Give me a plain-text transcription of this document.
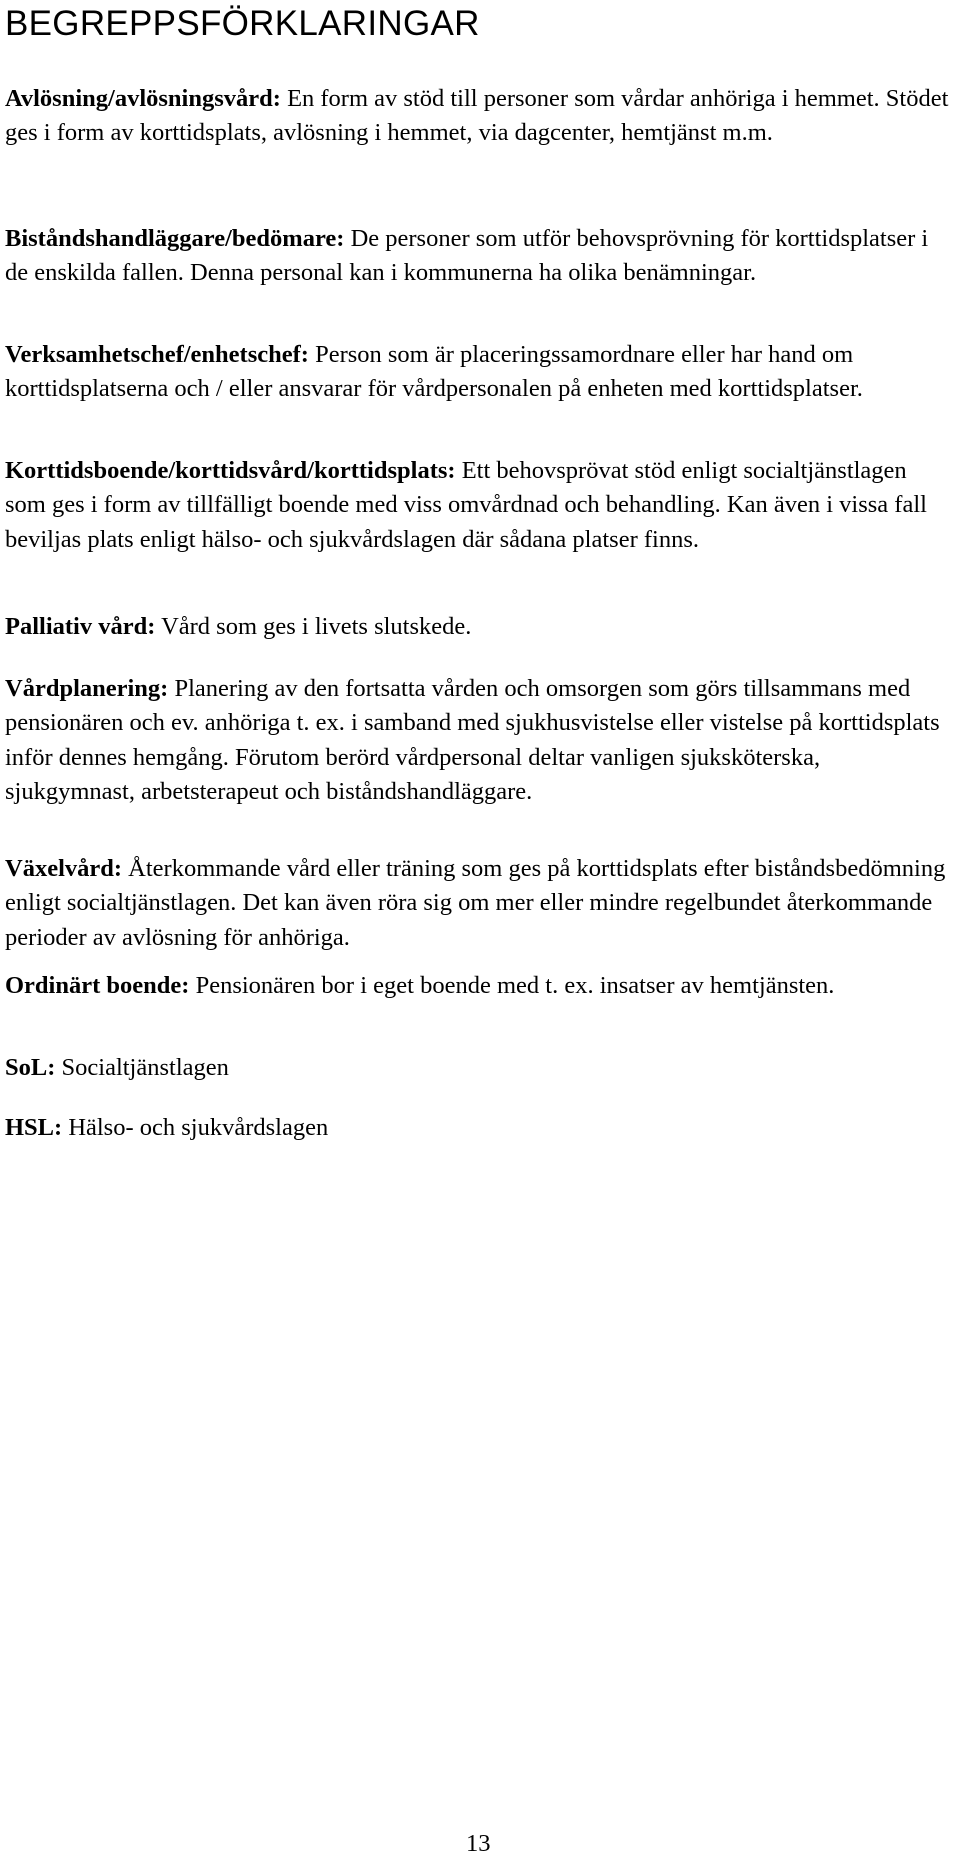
BEGREPPSFÖRKLARINGAR

Avlösning/avlösningsvård: En form av stöd till personer som vårdar anhöriga i hemmet. Stödet ges i form av korttidsplats, avlösning i hemmet, via dagcenter, hemtjänst m.m.

Biståndshandläggare/bedömare: De personer som utför behovsprövning för korttidsplatser i de enskilda fallen. Denna personal kan i kommunerna ha olika benämningar.

Verksamhetschef/enhetschef: Person som är placeringssamordnare eller har hand om korttidsplatserna och / eller ansvarar för vårdpersonalen på enheten med korttidsplatser.

Korttidsboende/korttidsvård/korttidsplats: Ett behovsprövat stöd enligt socialtjänstlagen som ges i form av tillfälligt boende med viss omvårdnad och behandling. Kan även i vissa fall beviljas plats enligt hälso- och sjukvårdslagen där sådana platser finns.

Palliativ vård: Vård som ges i livets slutskede.

Vårdplanering: Planering av den fortsatta vården och omsorgen som görs tillsammans med pensionären och ev. anhöriga t. ex. i samband med sjukhusvistelse eller vistelse på korttidsplats inför dennes hemgång. Förutom berörd vårdpersonal deltar vanligen sjuksköterska, sjukgymnast, arbetsterapeut och biståndshandläggare.

Växelvård: Återkommande vård eller träning som ges på korttidsplats efter biståndsbedömning enligt socialtjänstlagen. Det kan även röra sig om mer eller mindre regelbundet återkommande perioder av avlösning för anhöriga.

Ordinärt boende: Pensionären bor i eget boende med t. ex. insatser av hemtjänsten.

SoL: Socialtjänstlagen

HSL: Hälso- och sjukvårdslagen

13
